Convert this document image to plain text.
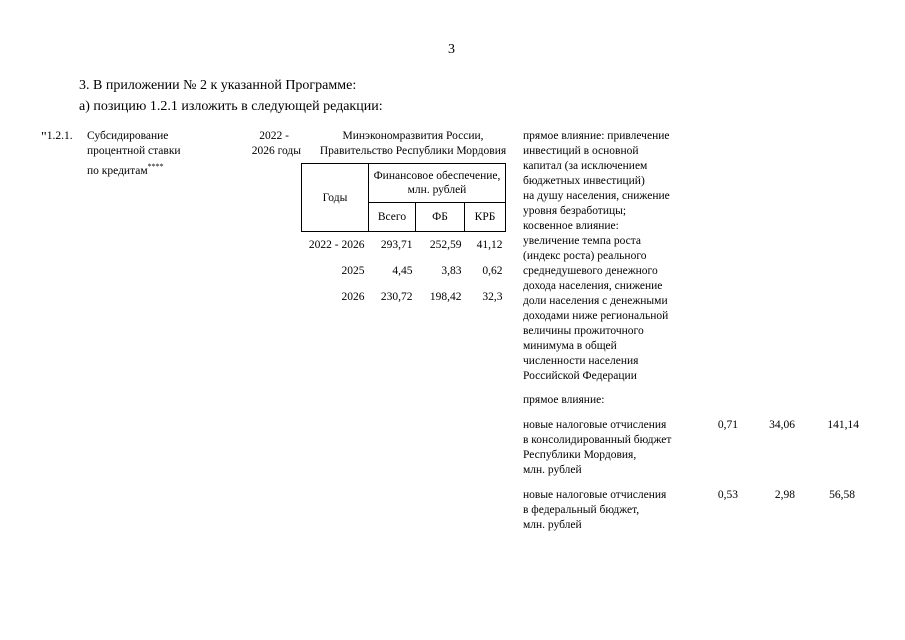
3
3. В приложении № 2 к указанной Программе:
а) позицию 1.2.1 изложить в следующей редакции:
"1.2.1. Субсидирование
процентной ставки
по кредитам****
2022 -
2026 годы
Минэкономразвития России,
Правительство Республики Мордовия
Годы	Финансовое обеспечение,
млн. рублей		

	Всего	ФБ	КРБ
2022 - 2026	293,71	252,59	41,12
2025	4,45	3,83	0,62
2026	230,72	198,42	32,3
прямое влияние: привлечение
инвестиций в основной
капитал (за исключением
бюджетных инвестиций)
на душу населения, снижение
уровня безработицы;
косвенное влияние:
увеличение темпа роста
(индекс роста) реального
среднедушевого денежного
дохода населения, снижение
доли населения с денежными
доходами ниже региональной
величины прожиточного
минимума в общей
численности населения
Российской Федерации
прямое влияние:
новые налоговые отчисления
в консолидированный бюджет
Республики Мордовия,
млн. рублей
0,71	34,06	141,14
новые налоговые отчисления
в федеральный бюджет,
млн. рублей
0,53	2,98	56,58
